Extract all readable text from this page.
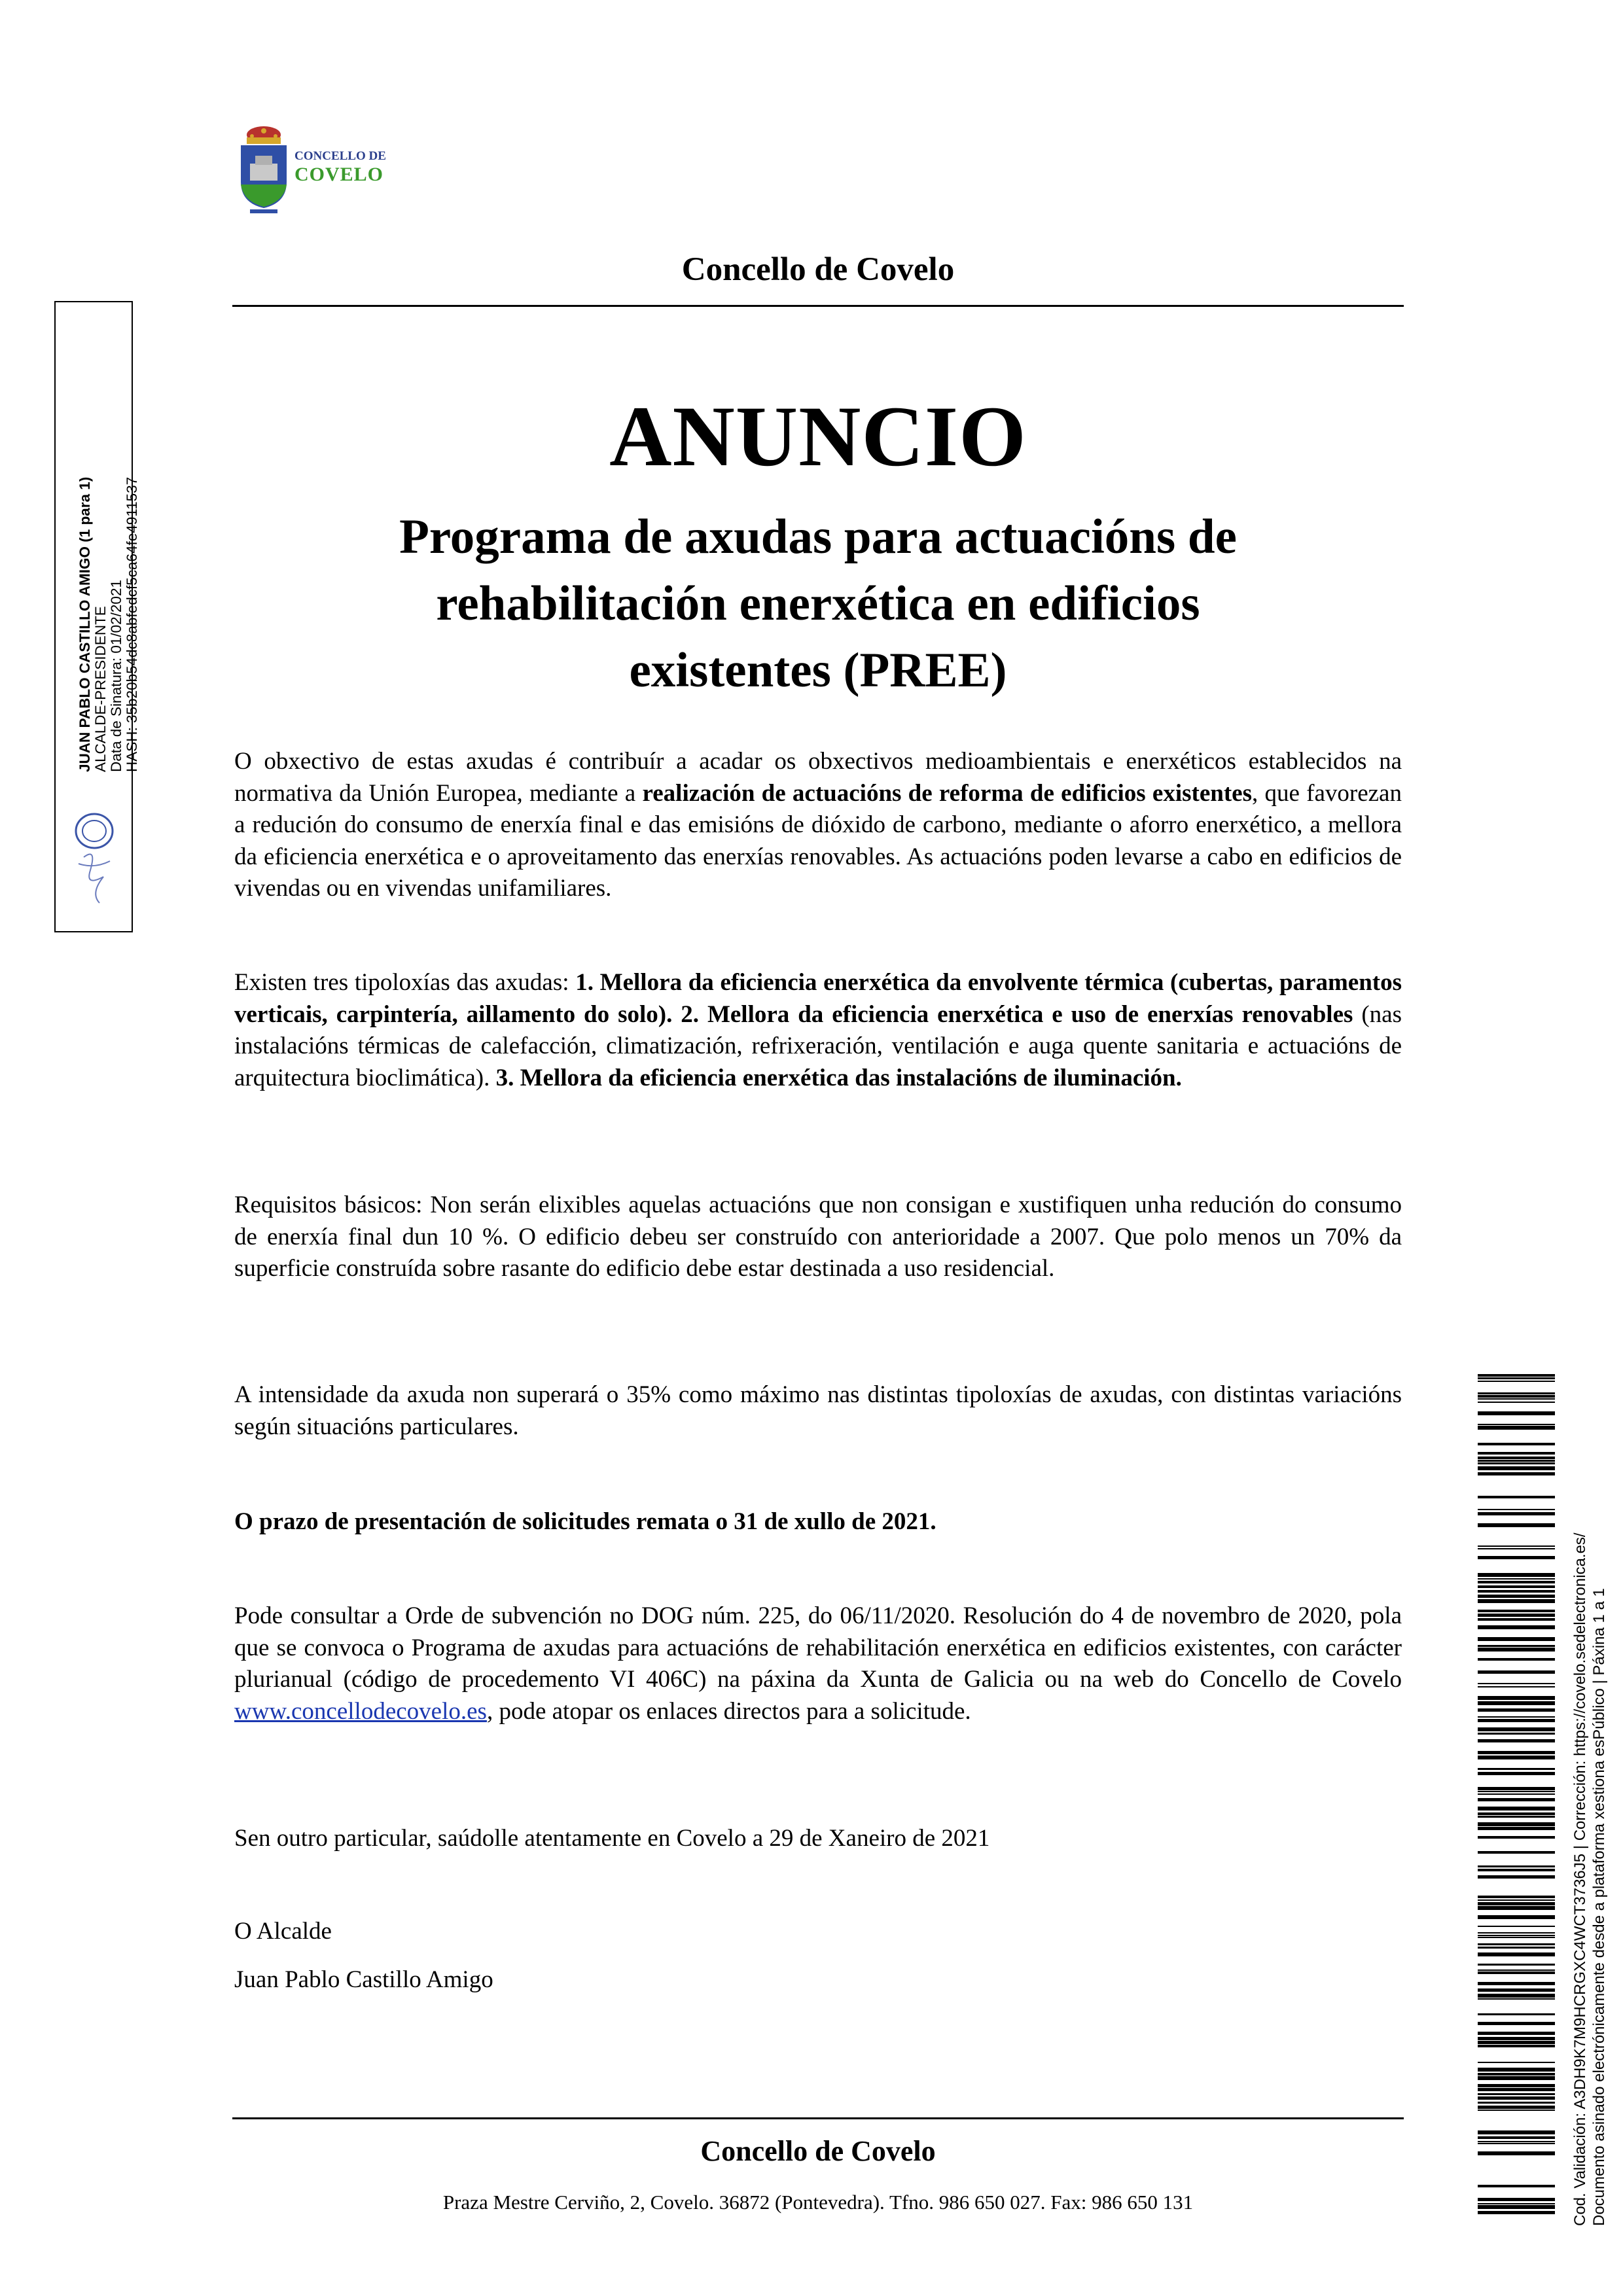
CONCELLO DE
COVELO
Concello de Covelo
ANUNCIO
Programa de axudas para actuacións de
rehabilitación enerxética en edificios
existentes (PREE)
O obxectivo de estas axudas é contribuír a acadar os obxectivos medioambientais e enerxéticos establecidos na normativa da Unión Europea, mediante a realización de actuacións de reforma de edificios existentes, que favorezan a redución do consumo de enerxía final e das emisións de dióxido de carbono, mediante o aforro enerxético, a mellora da eficiencia enerxética e o aproveitamento das enerxías renovables. As actuacións poden levarse a cabo en edificios de vivendas ou en vivendas unifamiliares.
Existen tres tipoloxías das axudas: 1. Mellora da eficiencia enerxética da envolvente térmica (cubertas, paramentos verticais, carpintería, aillamento do solo). 2. Mellora da eficiencia enerxética e uso de enerxías renovables (nas instalacións térmicas de calefacción, climatización, refrixeración, ventilación e auga quente sanitaria e actuacións de arquitectura bioclimática). 3. Mellora da eficiencia enerxética das instalacións de iluminación.
Requisitos básicos: Non serán elixibles aquelas actuacións que non consigan e xustifiquen unha redución do consumo de enerxía final dun 10 %. O edificio debeu ser construído con anterioridade a 2007. Que polo menos un 70% da superficie construída sobre rasante do edificio debe estar destinada a uso residencial.
A intensidade da axuda non superará o 35% como máximo nas distintas tipoloxías de axudas, con distintas variacións según situacións particulares.
O prazo de presentación de solicitudes remata o 31 de xullo de 2021.
Pode consultar a Orde de subvención no DOG núm. 225, do 06/11/2020. Resolución do 4 de novembro de 2020, pola que se convoca o Programa de axudas para actuacións de rehabilitación enerxética en edificios existentes, con carácter plurianual (código de procedemento VI 406C) na páxina da Xunta de Galicia ou na web do Concello de Covelo www.concellodecovelo.es, pode atopar os enlaces directos para a solicitude.
Sen outro particular, saúdolle atentamente en Covelo a 29 de Xaneiro de 2021
O Alcalde
Juan Pablo Castillo Amigo
Concello de Covelo
Praza Mestre Cerviño, 2, Covelo. 36872 (Pontevedra). Tfno. 986 650 027. Fax: 986 650 131
JUAN PABLO CASTILLO AMIGO (1 para 1) ALCALDE-PRESIDENTE Data de Sinatura: 01/02/2021 HASH: 35b20b54dc8abfedcf5ca64fe4911537
Cod. Validación: A3DH9K7M9HCRGXC4WCT3736J5 | Corrección: https://covelo.sedelectronica.es/ Documento asinado electrónicamente desde a plataforma xestiona esPúblico | Páxina 1 a 1
